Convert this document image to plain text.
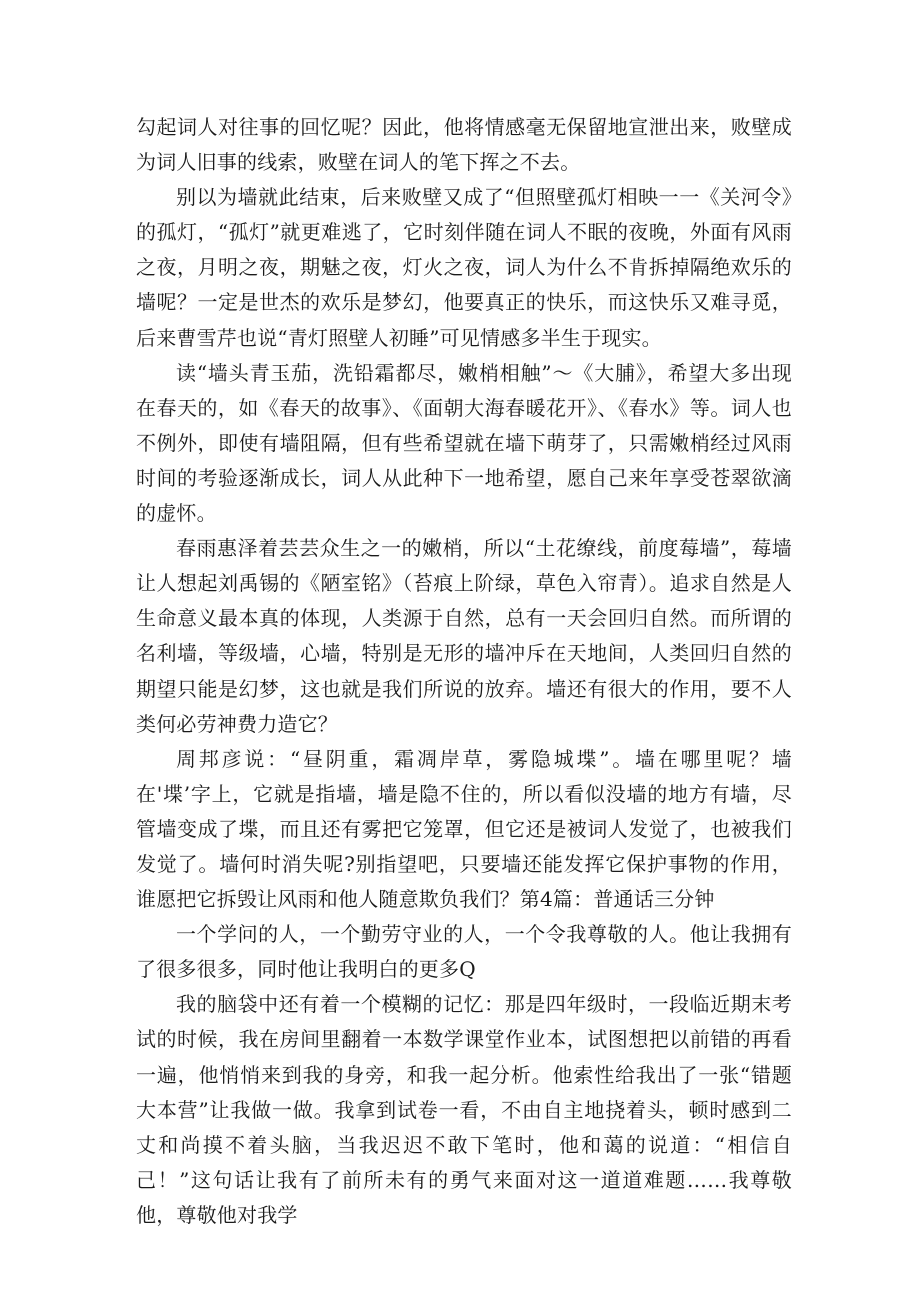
勾起词人对往事的回忆呢？因此，他将情感毫无保留地宣泄出来，败壁成为词人旧事的线索，败壁在词人的笔下挥之不去。

别以为墙就此结束，后来败壁又成了“但照壁孤灯相映一一《关河令》的孤灯，“孤灯”就更难逃了，它时刻伴随在词人不眠的夜晚，外面有风雨之夜，月明之夜，期魅之夜，灯火之夜，词人为什么不肯拆掉隔绝欢乐的墙呢？一定是世杰的欢乐是梦幻，他要真正的快乐，而这快乐又难寻觅，后来曹雪芹也说“青灯照壁人初睡”可见情感多半生于现实。

读“墙头青玉茄，洗铅霜都尽，嫩梢相触”～《大脯》，希望大多出现在春天的，如《春天的故事》、《面朝大海春暖花开》、《春水》等。词人也不例外，即使有墙阻隔，但有些希望就在墙下萌芽了，只需嫩梢经过风雨时间的考验逐渐成长，词人从此种下一地希望，愿自己来年享受苍翠欲滴的虚怀。

春雨惠泽着芸芸众生之一的嫩梢，所以“土花缭线，前度莓墙”，莓墙让人想起刘禹锡的《陋室铭》（苔痕上阶绿，草色入帘青）。追求自然是人生命意义最本真的体现，人类源于自然，总有一天会回归自然。而所谓的名利墙，等级墙，心墙，特别是无形的墙冲斥在天地间，人类回归自然的期望只能是幻梦，这也就是我们所说的放弃。墙还有很大的作用，要不人类何必劳神费力造它？

周邦彦说：“昼阴重，霜凋岸草，雾隐城堞”。墙在哪里呢？墙在'堞’字上，它就是指墙，墙是隐不住的，所以看似没墙的地方有墙，尽管墙变成了堞，而且还有雾把它笼罩，但它还是被词人发觉了，也被我们发觉了。墙何时消失呢?别指望吧，只要墙还能发挥它保护事物的作用，谁愿把它拆毁让风雨和他人随意欺负我们？第4篇：普通话三分钟

一个学问的人，一个勤劳守业的人，一个令我尊敬的人。他让我拥有了很多很多，同时他让我明白的更多Q

我的脑袋中还有着一个模糊的记忆：那是四年级时，一段临近期末考试的时候，我在房间里翻着一本数学课堂作业本，试图想把以前错的再看一遍，他悄悄来到我的身旁，和我一起分析。他索性给我出了一张“错题大本营”让我做一做。我拿到试卷一看，不由自主地挠着头，顿时感到二丈和尚摸不着头脑，当我迟迟不敢下笔时，他和蔼的说道：“相信自己！”这句话让我有了前所未有的勇气来面对这一道道难题……我尊敬他，尊敬他对我学
